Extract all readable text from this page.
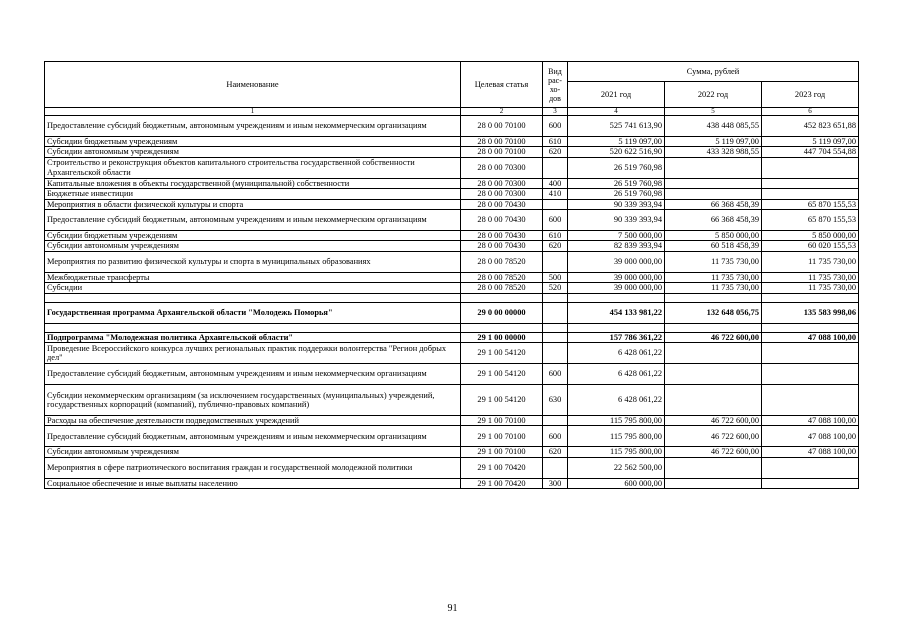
Наименование	Целевая статья	Вид рас-хо-дов	Сумма, рублей		
			2021 год	2022 год	2023 год
1	2	3	4	5	6
Предоставление субсидий бюджетным, автономным учреждениям и иным некоммерческим организациям	28 0 00 70100	600	525 741 613,90	438 448 085,55	452 823 651,88
Субсидии бюджетным учреждениям	28 0 00 70100	610	5 119 097,00	5 119 097,00	5 119 097,00
Субсидии автономным учреждениям	28 0 00 70100	620	520 622 516,90	433 328 988,55	447 704 554,88
Строительство и реконструкция объектов капитального строительства государственной собственности Архангельской области	28 0 00 70300		26 519 760,98		
Капитальные вложения в объекты государственной (муниципальной) собственности	28 0 00 70300	400	26 519 760,98		
Бюджетные инвестиции	28 0 00 70300	410	26 519 760,98		
Мероприятия в области физической культуры и спорта	28 0 00 70430		90 339 393,94	66 368 458,39	65 870 155,53
Предоставление субсидий бюджетным, автономным учреждениям и иным некоммерческим организациям	28 0 00 70430	600	90 339 393,94	66 368 458,39	65 870 155,53
Субсидии бюджетным учреждениям	28 0 00 70430	610	7 500 000,00	5 850 000,00	5 850 000,00
Субсидии автономным учреждениям	28 0 00 70430	620	82 839 393,94	60 518 458,39	60 020 155,53
Мероприятия по развитию физической культуры и спорта в муниципальных образованиях	28 0 00 78520		39 000 000,00	11 735 730,00	11 735 730,00
Межбюджетные трансферты	28 0 00 78520	500	39 000 000,00	11 735 730,00	11 735 730,00
Субсидии	28 0 00 78520	520	39 000 000,00	11 735 730,00	11 735 730,00

Государственная программа Архангельской области "Молодежь Поморья"	29 0 00 00000		454 133 981,22	132 648 056,75	135 583 998,06

Подпрограмма "Молодежная политика Архангельской области"	29 1 00 00000		157 786 361,22	46 722 600,00	47 088 100,00
Проведение Всероссийского конкурса лучших региональных практик поддержки волонтерства "Регион добрых дел"	29 1 00 54120		6 428 061,22		
Предоставление субсидий бюджетным, автономным учреждениям и иным некоммерческим организациям	29 1 00 54120	600	6 428 061,22		
Субсидии некоммерческим организациям (за исключением государственных (муниципальных) учреждений, государственных корпораций (компаний), публично-правовых компаний)	29 1 00 54120	630	6 428 061,22		
Расходы на обеспечение деятельности подведомственных учреждений	29 1 00 70100		115 795 800,00	46 722 600,00	47 088 100,00
Предоставление субсидий бюджетным, автономным учреждениям и иным некоммерческим организациям	29 1 00 70100	600	115 795 800,00	46 722 600,00	47 088 100,00
Субсидии автономным учреждениям	29 1 00 70100	620	115 795 800,00	46 722 600,00	47 088 100,00
Мероприятия в сфере патриотического воспитания граждан и государственной молодежной политики	29 1 00 70420		22 562 500,00		
Социальное обеспечение и иные выплаты населению	29 1 00 70420	300	600 000,00		
91
